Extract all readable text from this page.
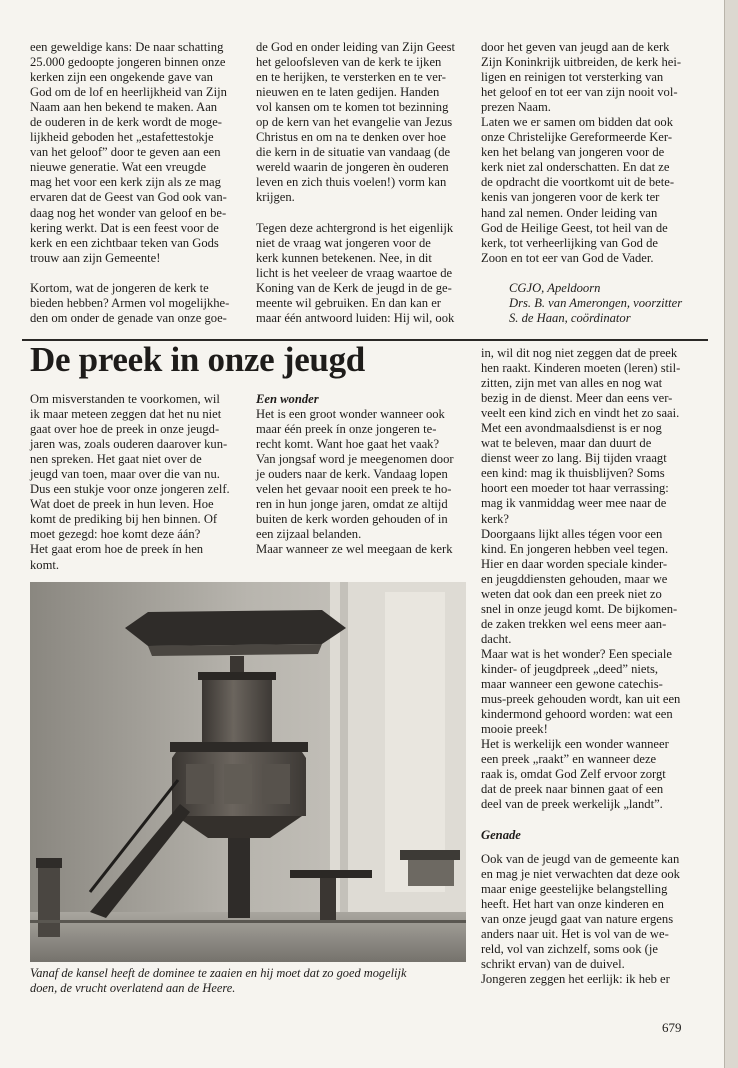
een geweldige kans: De naar schatting
25.000 gedoopte jongeren binnen onze
kerken zijn een ongekende gave van
God om de lof en heerlijkheid van Zijn
Naam aan hen bekend te maken. Aan
de ouderen in de kerk wordt de moge-
lijkheid geboden het „estafettestokje
van het geloof” door te geven aan een
nieuwe generatie. Wat een vreugde
mag het voor een kerk zijn als ze mag
ervaren dat de Geest van God ook van-
daag nog het wonder van geloof en be-
kering werkt. Dat is een feest voor de
kerk en een zichtbaar teken van Gods
trouw aan zijn Gemeente!

Kortom, wat de jongeren de kerk te
bieden hebben? Armen vol mogelijkhe-
den om onder de genade van onze goe-

de God en onder leiding van Zijn Geest
het geloofsleven van de kerk te ijken
en te herijken, te versterken en te ver-
nieuwen en te laten gedijen. Handen
vol kansen om te komen tot bezinning
op de kern van het evangelie van Jezus
Christus en om na te denken over hoe
die kern in de situatie van vandaag (de
wereld waarin de jongeren èn ouderen
leven en zich thuis voelen!) vorm kan
krijgen.

Tegen deze achtergrond is het eigenlijk
niet de vraag wat jongeren voor de
kerk kunnen betekenen. Nee, in dit
licht is het veeleer de vraag waartoe de
Koning van de Kerk de jeugd in de ge-
meente wil gebruiken. En dan kan er
maar één antwoord luiden: Hij wil, ook

door het geven van jeugd aan de kerk
Zijn Koninkrijk uitbreiden, de kerk hei-
ligen en reinigen tot versterking van
het geloof en tot eer van zijn nooit vol-
prezen Naam.
Laten we er samen om bidden dat ook
onze Christelijke Gereformeerde Ker-
ken het belang van jongeren voor de
kerk niet zal onderschatten. En dat ze
de opdracht die voortkomt uit de bete-
kenis van jongeren voor de kerk ter
hand zal nemen. Onder leiding van
God de Heilige Geest, tot heil van de
kerk, tot verheerlijking van God de
Zoon en tot eer van God de Vader.

CGJO, Apeldoorn

Drs. B. van Amerongen, voorzitter

S. de Haan, coördinator

De preek in onze jeugd

Om misverstanden te voorkomen, wil
ik maar meteen zeggen dat het nu niet
gaat over hoe de preek in onze jeugd-
jaren was, zoals ouderen daarover kun-
nen spreken. Het gaat niet over de
jeugd van toen, maar over die van nu.
Dus een stukje voor onze jongeren zelf.
Wat doet de preek in hun leven. Hoe
komt de prediking bij hen binnen. Of
moet gezegd: hoe komt deze áán?
Het gaat erom hoe de preek ín hen
komt.

Een wonder

Het is een groot wonder wanneer ook
maar één preek ín onze jongeren te-
recht komt. Want hoe gaat het vaak?
Van jongsaf word je meegenomen door
je ouders naar de kerk. Vandaag lopen
velen het gevaar nooit een preek te ho-
ren in hun jonge jaren, omdat ze altijd
buiten de kerk worden gehouden of in
een zijzaal belanden.

Maar wanneer ze wel meegaan de kerk

in, wil dit nog niet zeggen dat de preek
hen raakt. Kinderen moeten (leren) stil-
zitten, zijn met van alles en nog wat
bezig in de dienst. Meer dan eens ver-
veelt een kind zich en vindt het zo saai.
Met een avondmaalsdienst is er nog
wat te beleven, maar dan duurt de
dienst weer zo lang. Bij tijden vraagt
een kind: mag ik thuisblijven? Soms
hoort een moeder tot haar verrassing:
mag ik vanmiddag weer mee naar de
kerk?
Doorgaans lijkt alles tégen voor een
kind. En jongeren hebben veel tegen.
Hier en daar worden speciale kinder-
en jeugddiensten gehouden, maar we
weten dat ook dan een preek niet zo
snel in onze jeugd komt. De bijkomen-
de zaken trekken wel eens meer aan-
dacht.
Maar wat is het wonder? Een speciale
kinder- of jeugdpreek „deed” niets,
maar wanneer een gewone catechis-
mus-preek gehouden wordt, kan uit een
kindermond gehoord worden: wat een
mooie preek!
Het is werkelijk een wonder wanneer
een preek „raakt” en wanneer deze
raak is, omdat God Zelf ervoor zorgt
dat de preek naar binnen gaat of een
deel van de preek werkelijk „landt”.

Genade

Ook van de jeugd van de gemeente kan
en mag je niet verwachten dat deze ook
maar enige geestelijke belangstelling
heeft. Het hart van onze kinderen en
van onze jeugd gaat van nature ergens
anders naar uit. Het is vol van de we-
reld, vol van zichzelf, soms ook (je
schrikt ervan) van de duivel.
Jongeren zeggen het eerlijk: ik heb er

Vanaf de kansel heeft de dominee te zaaien en hij moet dat zo goed mogelijk
doen, de vrucht overlatend aan de Heere.
679
